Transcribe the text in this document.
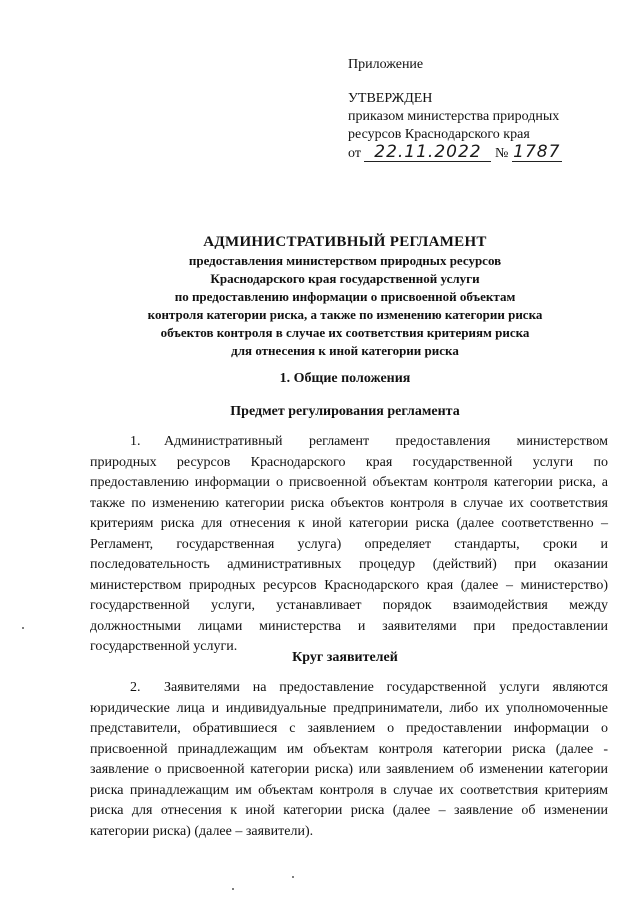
Приложение
УТВЕРЖДЕН
приказом министерства природных
ресурсов Краснодарского края
от 22.11.2022 № 1787
АДМИНИСТРАТИВНЫЙ РЕГЛАМЕНТ
предоставления министерством природных ресурсов
Краснодарского края государственной услуги
по предоставлению информации о присвоенной объектам
контроля категории риска, а также по изменению категории риска
объектов контроля в случае их соответствия критериям риска
для отнесения к иной категории риска
1. Общие положения
Предмет регулирования регламента
1. Административный регламент предоставления министерством природных ресурсов Краснодарского края государственной услуги по предоставлению информации о присвоенной объектам контроля категории риска, а также по изменению категории риска объектов контроля в случае их соответствия критериям риска для отнесения к иной категории риска (далее соответственно – Регламент, государственная услуга) определяет стандарты, сроки и последовательность административных процедур (действий) при оказании министерством природных ресурсов Краснодарского края (далее – министерство) государственной услуги, устанавливает порядок взаимодействия между должностными лицами министерства и заявителями при предоставлении государственной услуги.
Круг заявителей
2. Заявителями на предоставление государственной услуги являются юридические лица и индивидуальные предприниматели, либо их уполномоченные представители, обратившиеся с заявлением о предоставлении информации о присвоенной принадлежащим им объектам контроля категории риска (далее - заявление о присвоенной категории риска) или заявлением об изменении категории риска принадлежащим им объектам контроля в случае их соответствия критериям риска для отнесения к иной категории риска (далее – заявление об изменении категории риска) (далее – заявители).
